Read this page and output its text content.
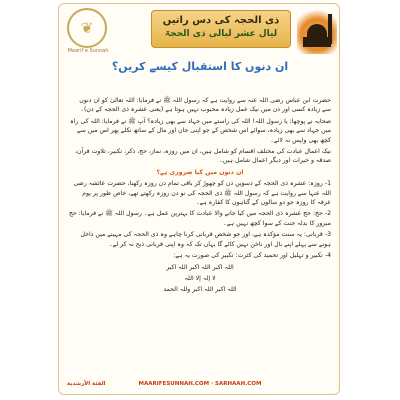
❦
Maarif e Sunnah
ذی الحجہ کی دس راتیں
لیال عشر لیالی ذی الحجۃ
ان دنوں کا استقبال کیسے کریں؟

حضرت ابن عباس رضی اللہ عنہ سے روایت ہے کہ رسول اللہ ﷺ نے فرمایا: اللہ تعالیٰ کو ان دنوں سے زیادہ کسی اور دن میں نیک عمل زیادہ محبوب نہیں ہوتا ہے (یعنی عشرہ ذی الحجہ کے دن)۔

صحابہ نے پوچھا: یا رسول اللہ! اللہ کی راستے میں جہاد سے بھی زیادہ؟ آپ ﷺ نے فرمایا: اللہ کی راہ میں جہاد سے بھی زیادہ، سوائے اس شخص کے جو اپنی جان اور مال کے ساتھ نکلے پھر اس میں سے کچھ بھی واپس نہ لائے۔

نیک اعمال عبادت کی مختلف اقسام کو شامل ہیں، ان میں روزہ، نماز، حج، ذکر، تکبیر، تلاوت قرآن، صدقہ و خیرات اور دیگر اعمال شامل ہیں۔

ان دنوں میں کیا ضروری ہے؟

1- روزہ: عشرہ ذی الحجہ کے دسویں دن کو چھوڑ کر باقی تمام دن روزہ رکھنا، حضرت عائشہ رضی اللہ عنہا سے روایت ہے کہ رسول اللہ ﷺ ذی الحجہ کی نو دن روزہ رکھتے تھے، خاص طور پر یوم عرفہ کا روزہ جو دو سالوں کے گناہوں کا کفارہ ہے۔

2- حج: حج عشرہ ذی الحجہ میں کیا جانے والا عبادت کا بہترین عمل ہے۔ رسول اللہ ﷺ نے فرمایا: حج مبرور کا بدلہ جنت کے سوا کچھ نہیں ہے۔

3- قربانی: یہ سنت مؤکدہ ہے، اور جو شخص قربانی کرنا چاہے وہ ذی الحجہ کی مہینے میں داخل ہونے سے پہلے اپنے بال اور ناخن نہیں کاٹے گا یہاں تک کہ وہ اپنی قربانی ذبح نہ کر لے۔

4- تکبیر و تہلیل اور تحمید کی کثرت: تکبیر کی صورت یہ ہے:

اللہ اکبر اللہ اکبر اللہ اکبر

لا إلہ إلا اللہ

اللہ اکبر اللہ اکبر وللہ الحمد

الفئة الأرشدية	MAARIFESUNNAH.COM · SARHAAH.COM
